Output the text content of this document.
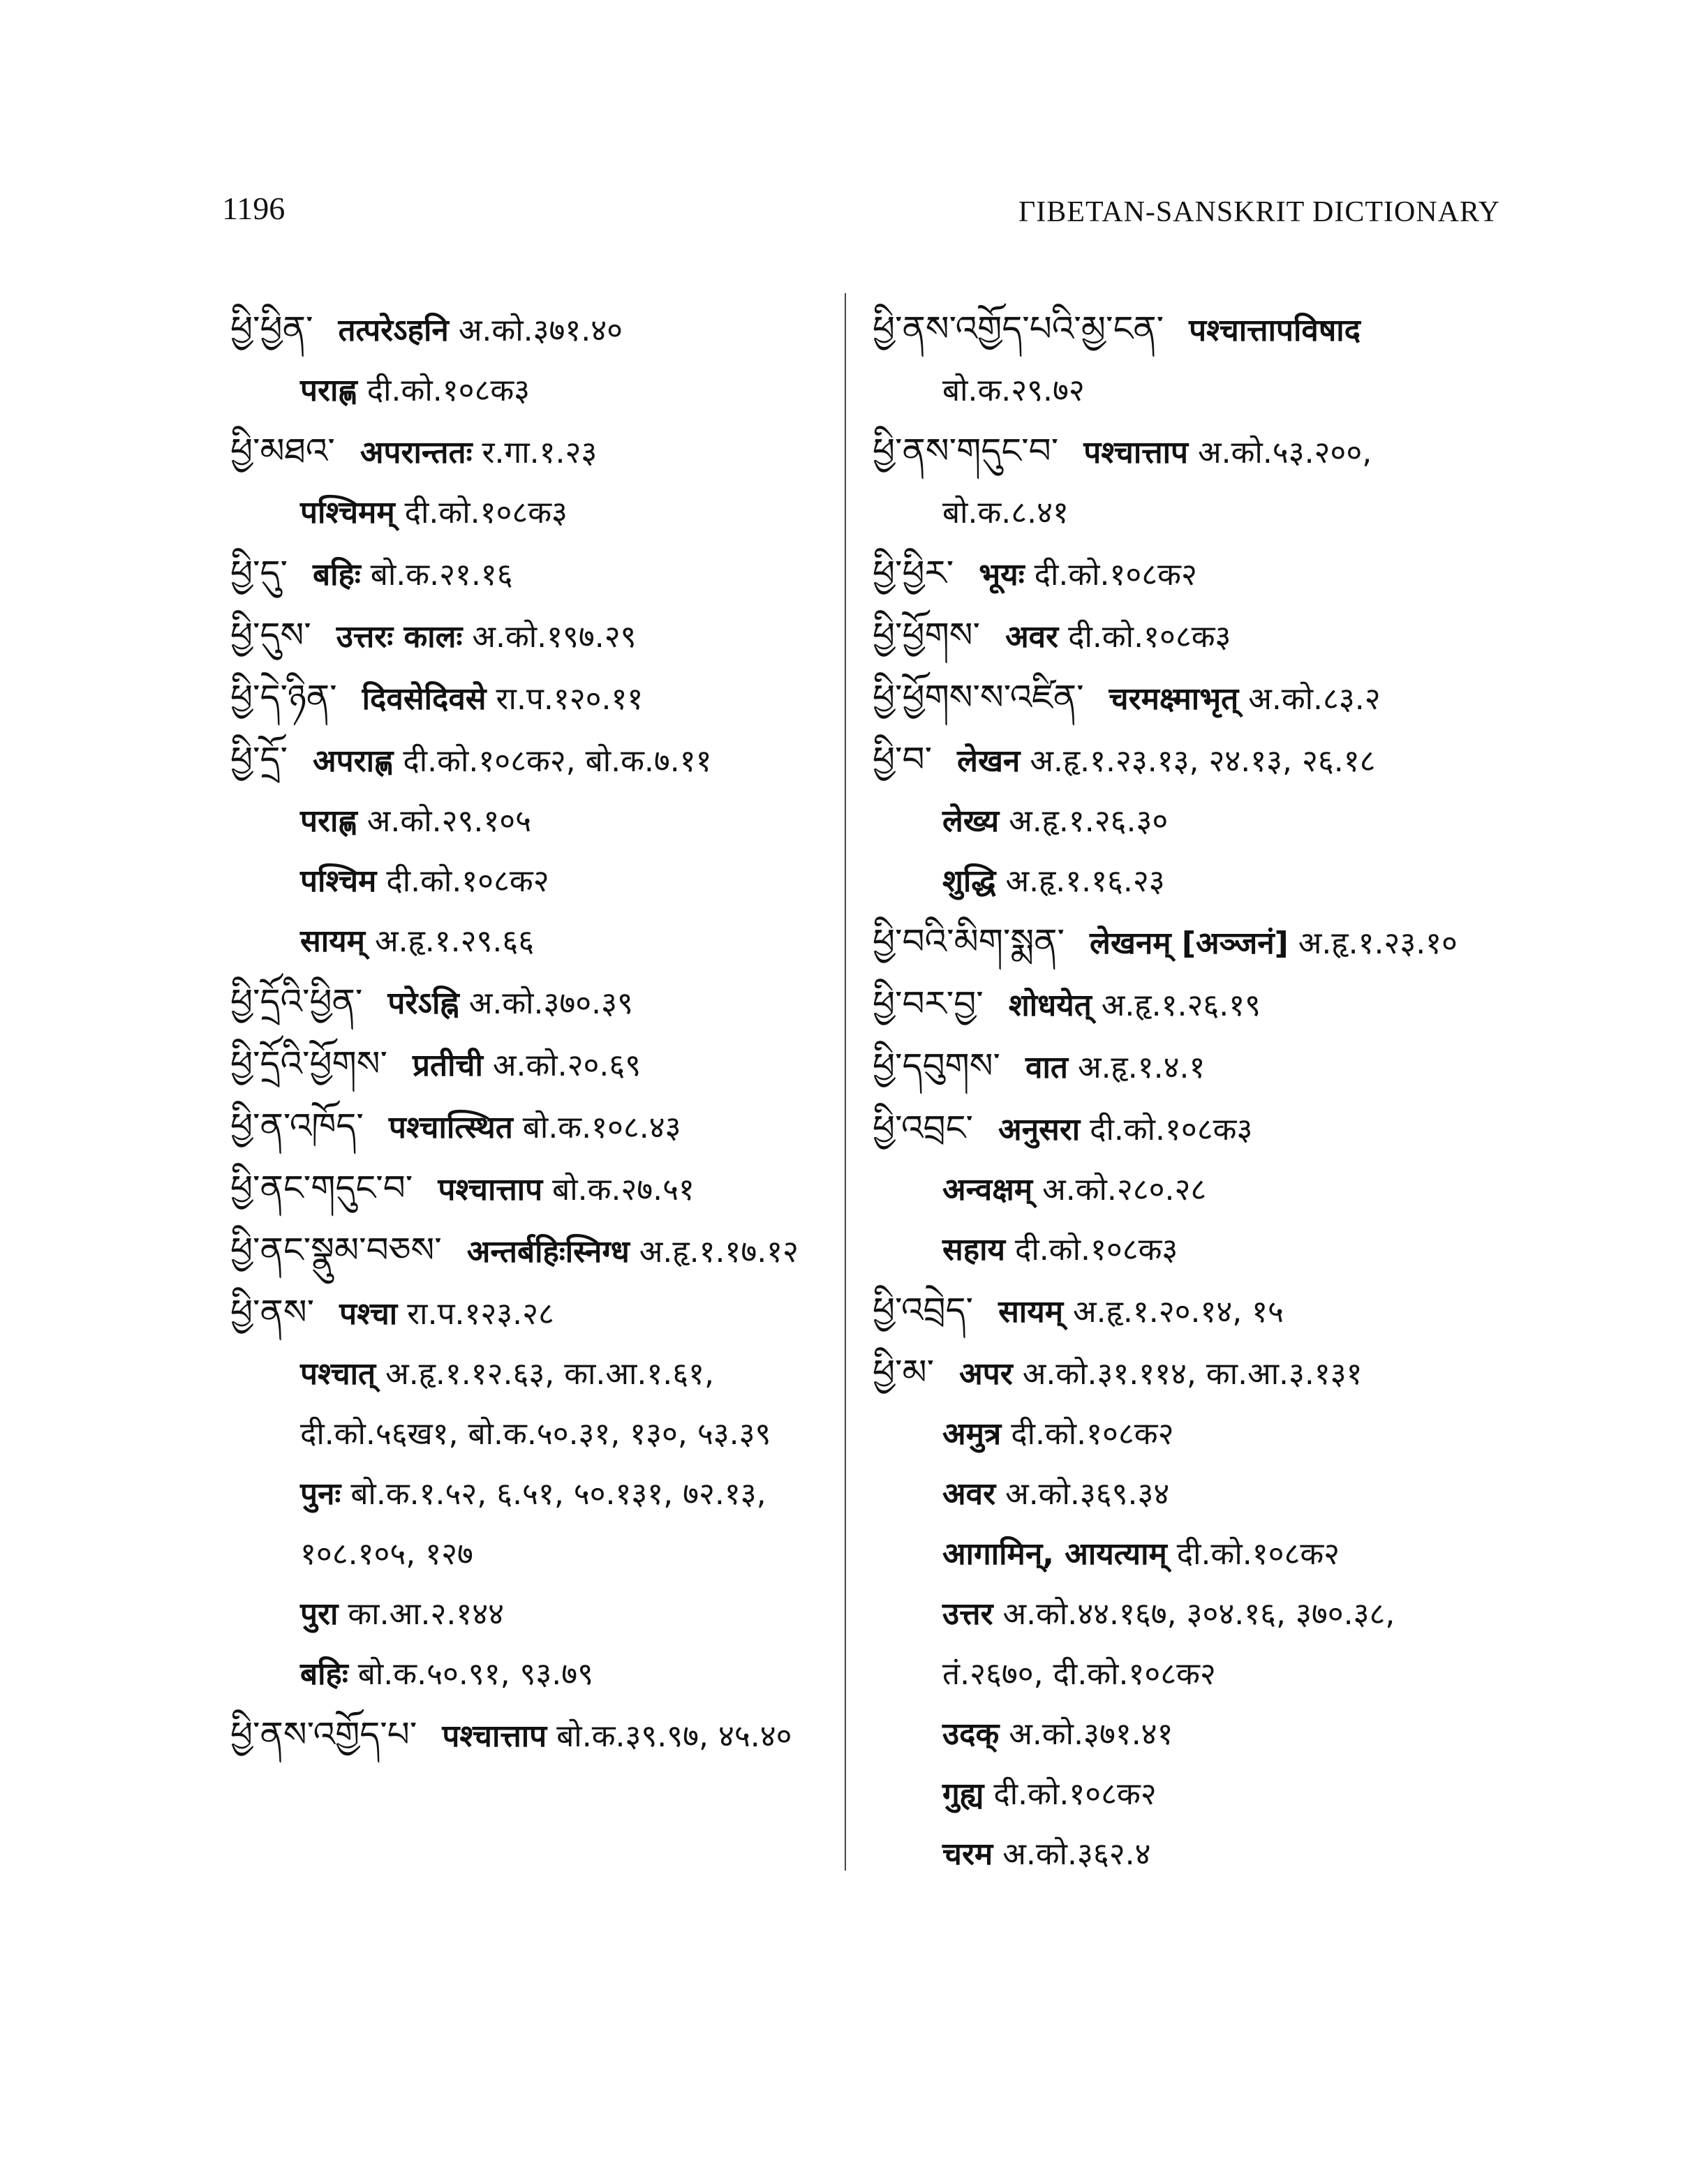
1196	ΓIBETAN-SANSKRIT DICTIONARY
ཕྱི་ཕྱིན་ तत्परेऽहनि अ.को.३७१.४०
पराह्ण दी.को.१०८क३
ཕྱི་མཐའ་ अपरान्ततः र.गा.१.२३
पश्चिमम् दी.को.१०८क३
ཕྱི་དུ་ बहिः बो.क.२१.१६
ཕྱི་དུས་ उत्तरः कालः अ.को.१९७.२९
ཕྱི་དེ་ཉིན་ दिवसेदिवसे रा.प.१२०.११
ཕྱི་དྲོ་ अपराह्ण दी.को.१०८क२, बो.क.७.११
पराह्ण अ.को.२९.१०५
पश्चिम दी.को.१०८क२
सायम् अ.हृ.१.२९.६६
ཕྱི་དྲོའི་ཕྱིན་ परेऽह्नि अ.को.३७०.३९
ཕྱི་དྲོའི་ཕྱོགས་ प्रतीची अ.को.२०.६९
ཕྱི་ན་འཁོད་ पश्चात्स्थित बो.क.१०८.४३
ཕྱི་ནང་གདུང་བ་ पश्चात्ताप बो.क.२७.५१
ཕྱི་ནང་སྣུམ་བཅས་ अन्तर्बहिःस्निग्ध अ.हृ.१.१७.१२
ཕྱི་ནས་ पश्चा रा.प.१२३.२८
पश्चात् अ.हृ.१.१२.६३, का.आ.१.६१,
दी.को.५६ख१, बो.क.५०.३१, १३०, ५३.३९
पुनः बो.क.१.५२, ६.५१, ५०.१३१, ७२.१३,
१०८.१०५, १२७
पुरा का.आ.२.१४४
बहिः बो.क.५०.९१, ९३.७९
ཕྱི་ནས་འགྱོད་པ་ पश्चात्ताप बो.क.३९.९७, ४५.४०
ཕྱི་ནས་འགྱོད་པའི་མྱ་ངན་ पश्चात्तापविषाद
बो.क.२९.७२
ཕྱི་ནས་གདུང་བ་ पश्चात्ताप अ.को.५३.२००,
बो.क.८.४१
ཕྱི་ཕྱིར་ भूयः दी.को.१०८क२
ཕྱི་ཕྱོགས་ अवर दी.को.१०८क३
ཕྱི་ཕྱོགས་ས་འཛིན་ चरमक्ष्माभृत् अ.को.८३.२
ཕྱི་བ་ लेखन अ.हृ.१.२३.१३, २४.१३, २६.१८
लेख्य अ.हृ.१.२६.३०
शुद्धि अ.हृ.१.१६.२३
ཕྱི་བའི་མིག་སྨན་ लेखनम् [अञ्जनं] अ.हृ.१.२३.१०
ཕྱི་བར་བྱ་ शोधयेत् अ.हृ.१.२६.१९
ཕྱི་དབུགས་ वात अ.हृ.१.४.१
ཕྱི་འབྲང་ अनुसरा दी.को.१०८क३
अन्वक्षम् अ.को.२८०.२८
सहाय दी.को.१०८क३
ཕྱི་འབྲེད་ सायम् अ.हृ.१.२०.१४, १५
ཕྱི་མ་ अपर अ.को.३१.११४, का.आ.३.१३१
अमुत्र दी.को.१०८क२
अवर अ.को.३६९.३४
आगामिन्, आयत्याम् दी.को.१०८क२
उत्तर अ.को.४४.१६७, ३०४.१६, ३७०.३८,
तं.२६७०, दी.को.१०८क२
उदक् अ.को.३७१.४१
गुह्य दी.को.१०८क२
चरम अ.को.३६२.४
